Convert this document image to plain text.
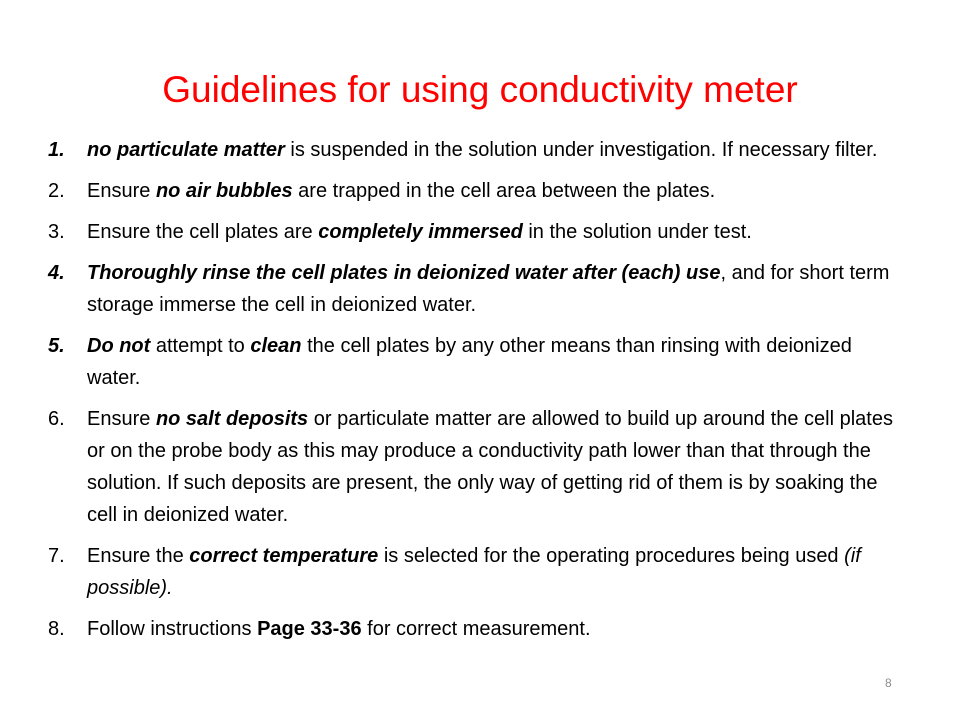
Guidelines for using conductivity meter
1.	no particulate matter is suspended in the solution under investigation. If necessary filter.
2.	Ensure no air bubbles are trapped in the cell area between the plates.
3.	Ensure the cell plates are completely immersed in the solution under test.
4.	Thoroughly rinse the cell plates in deionized water after (each) use, and for short term storage immerse the cell in deionized water.
5.	Do not attempt to clean the cell plates by any other means than rinsing with deionized water.
6.	Ensure no salt deposits or particulate matter are allowed to build up around the cell plates or on the probe body as this may produce a conductivity path lower than that through the solution. If such deposits are present, the only way of getting rid of them is by soaking the cell in deionized water.
7.	Ensure the correct temperature is selected for the operating procedures being used (if possible).
8.	Follow instructions Page 33-36 for correct measurement.
8
